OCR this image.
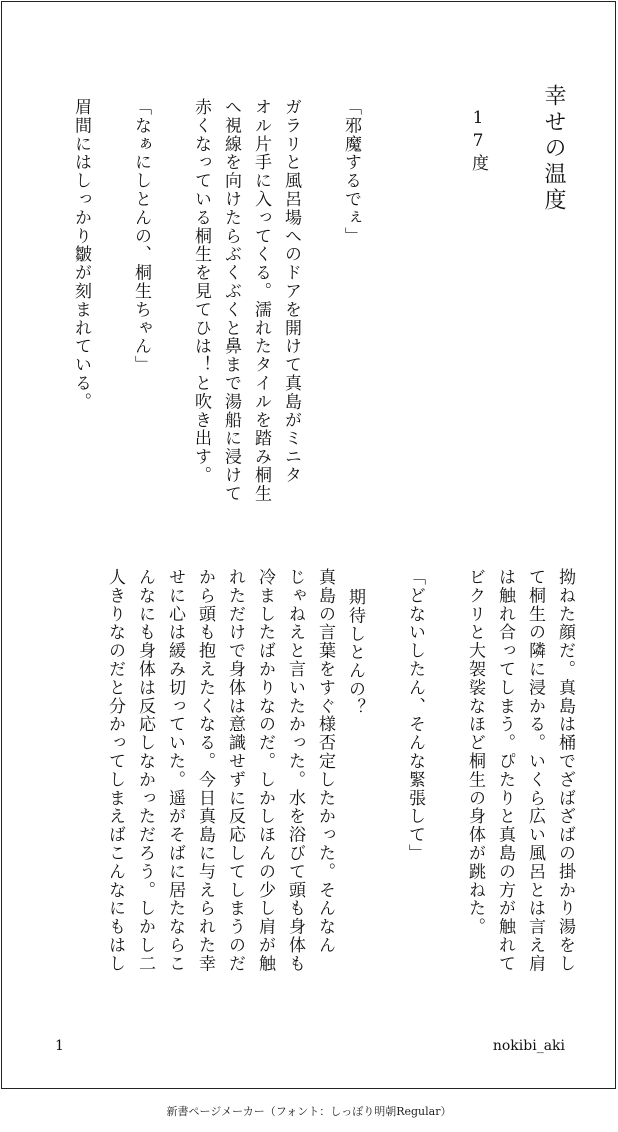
幸せの温度
17度
「邪魔するでぇ」
ガラリと風呂場へのドアを開けて真島がミニタ
オル片手に入ってくる。濡れたタイルを踏み桐生
へ視線を向けたらぶくぶくと鼻まで湯船に浸けて
赤くなっている桐生を見てひは！と吹き出す。
「なぁにしとんの、桐生ちゃん」
眉間にはしっかり皺が刻まれている。
拗ねた顔だ。真島は桶でざばざばの掛かり湯をし
て桐生の隣に浸かる。いくら広い風呂とは言え肩
は触れ合ってしまう。ぴたりと真島の方が触れて
ビクリと大袈裟なほど桐生の身体が跳ねた。
「どないしたん、そんな緊張して」
期待しとんの？
真島の言葉をすぐ様否定したかった。そんなん
じゃねえと言いたかった。水を浴びて頭も身体も
冷ましたばかりなのだ。しかしほんの少し肩が触
れただけで身体は意識せずに反応してしまうのだ
から頭も抱えたくなる。今日真島に与えられた幸
せに心は緩み切っていた。遥がそばに居たならこ
んなにも身体は反応しなかっただろう。しかし二
人きりなのだと分かってしまえばこんなにもはし
1	nokibi_aki
新書ページメーカー（フォント：しっぽり明朝Regular）
